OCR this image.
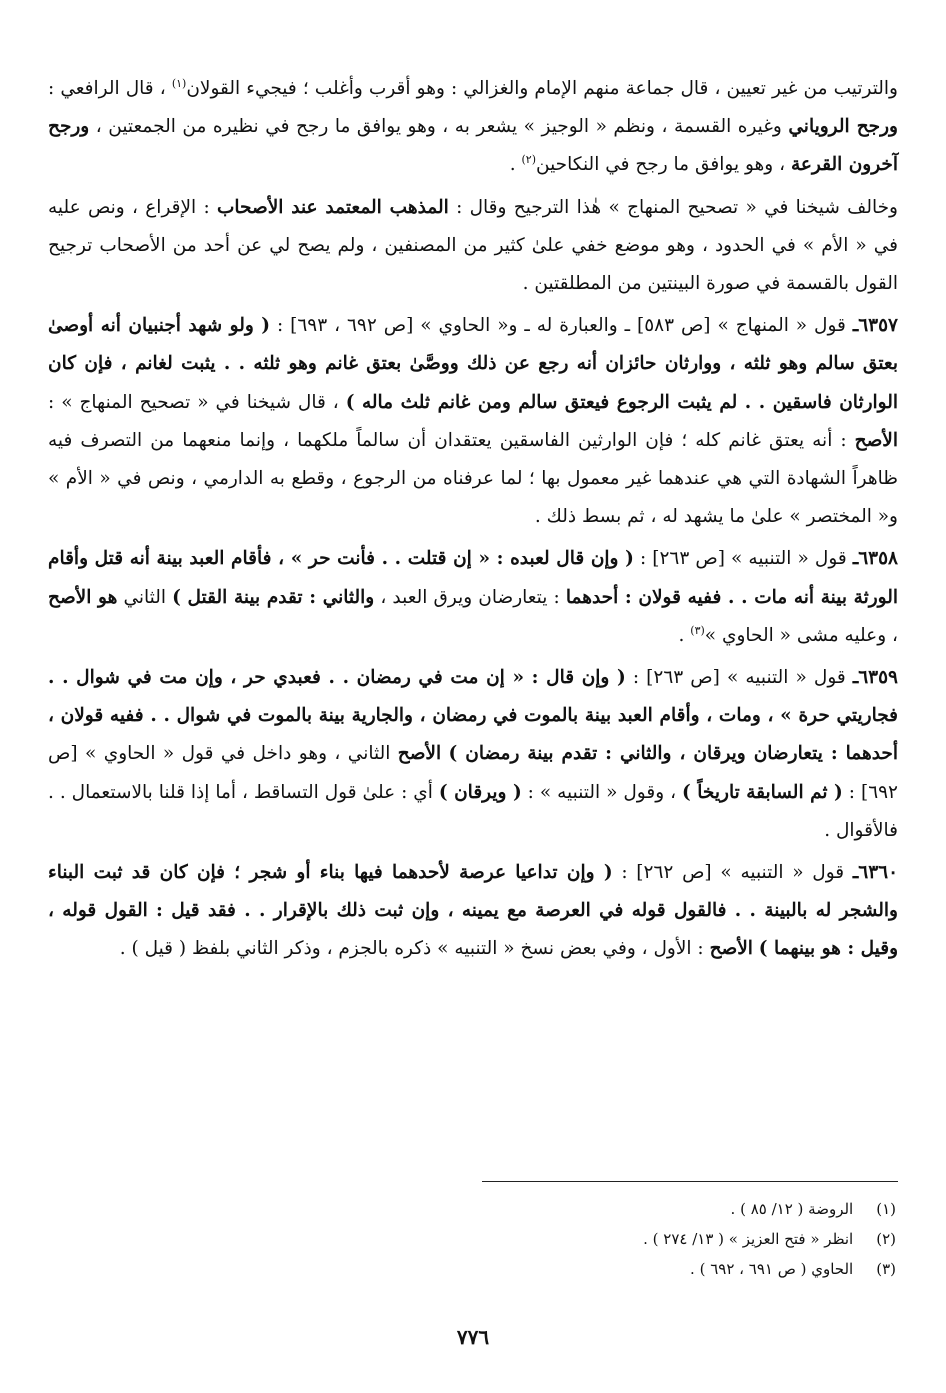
والترتيب من غير تعيين ، قال جماعة منهم الإمام والغزالي : وهو أقرب وأغلب ؛ فيجيء القولان$^{(١)}$ ، قال الرافعي : ورجح الروياني وغيره القسمة ، ونظم « الوجيز » يشعر به ، وهو يوافق ما رجح في نظيره من الجمعتين ، ورجح آخرون القرعة ، وهو يوافق ما رجح في النكاحين$^{(٢)}$ .

وخالف شيخنا في « تصحيح المنهاج » هٰذا الترجيح وقال : المذهب المعتمد عند الأصحاب : الإقراع ، ونص عليه في « الأم » في الحدود ، وهو موضع خفي علىٰ كثير من المصنفين ، ولم يصح لي عن أحد من الأصحاب ترجيح القول بالقسمة في صورة البينتين من المطلقتين .

٦٣٥٧ـ قول « المنهاج » [ص ٥٨٣] ـ والعبارة له ـ و« الحاوي » [ص ٦٩٢ ، ٦٩٣] : ( ولو شهد أجنبيان أنه أوصىٰ بعتق سالم وهو ثلثه ، ووارثان حائزان أنه رجع عن ذلك ووصَّىٰ بعتق غانم وهو ثلثه . . يثبت لغانم ، فإن كان الوارثان فاسقين . . لم يثبت الرجوع فيعتق سالم ومن غانم ثلث ماله ) ، قال شيخنا في « تصحيح المنهاج » : الأصح : أنه يعتق غانم كله ؛ فإن الوارثين الفاسقين يعتقدان أن سالماً ملكهما ، وإنما منعهما من التصرف فيه ظاهراً الشهادة التي هي عندهما غير معمول بها ؛ لما عرفناه من الرجوع ، وقطع به الدارمي ، ونص في « الأم » و« المختصر » علىٰ ما يشهد له ، ثم بسط ذلك .

٦٣٥٨ـ قول « التنبيه » [ص ٢٦٣] : ( وإن قال لعبده : « إن قتلت . . فأنت حر » ، فأقام العبد بينة أنه قتل وأقام الورثة بينة أنه مات . . ففيه قولان : أحدهما : يتعارضان ويرق العبد ، والثاني : تقدم بينة القتل ) الثاني هو الأصح ، وعليه مشى « الحاوي »$^{(٣)}$ .

٦٣٥٩ـ قول « التنبيه » [ص ٢٦٣] : ( وإن قال : « إن مت في رمضان . . فعبدي حر ، وإن مت في شوال . . فجاريتي حرة » ، ومات ، وأقام العبد بينة بالموت في رمضان ، والجارية بينة بالموت في شوال . . ففيه قولان ، أحدهما : يتعارضان ويرقان ، والثاني : تقدم بينة رمضان ) الأصح الثاني ، وهو داخل في قول « الحاوي » [ص ٦٩٢] : ( ثم السابقة تاريخاً ) ، وقول « التنبيه » : ( ويرقان ) أي : علىٰ قول التساقط ، أما إذا قلنا بالاستعمال . . فالأقوال .

٦٣٦٠ـ قول « التنبيه » [ص ٢٦٢] : ( وإن تداعيا عرصة لأحدهما فيها بناء أو شجر ؛ فإن كان قد ثبت البناء والشجر له بالبينة . . فالقول قوله في العرصة مع يمينه ، وإن ثبت ذلك بالإقرار . . فقد قيل : القول قوله ، وقيل : هو بينهما ) الأصح : الأول ، وفي بعض نسخ « التنبيه » ذكره بالجزم ، وذكر الثاني بلفظ ( قيل ) .

(١) الروضة ( ١٢/ ٨٥ ) .
(٢) انظر « فتح العزيز » ( ١٣/ ٢٧٤ ) .
(٣) الحاوي ( ص ٦٩١ ، ٦٩٢ ) .
٧٧٦
